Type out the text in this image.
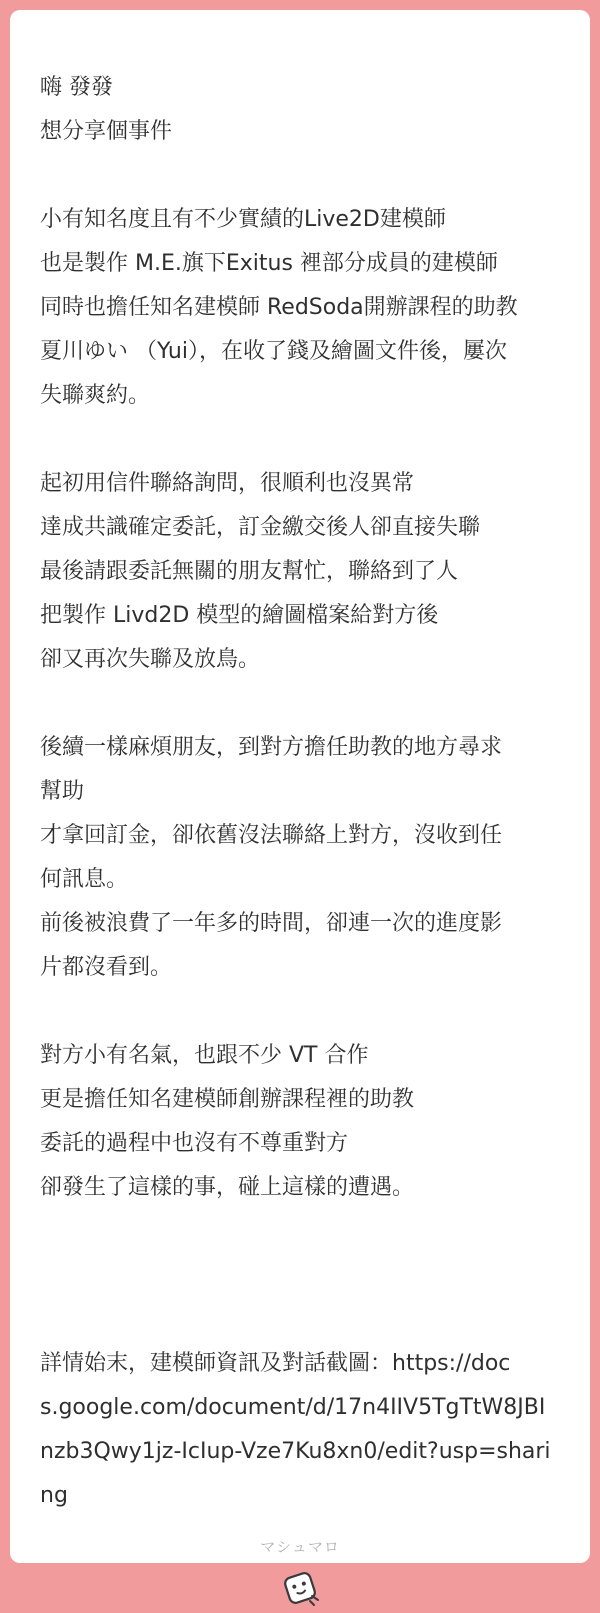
嗨 發發
想分享個事件
小有知名度且有不少實績的Live2D建模師
也是製作 M.E.旗下Exitus 裡部分成員的建模師
同時也擔任知名建模師 RedSoda開辦課程的助教
夏川ゆい （Yui），在收了錢及繪圖文件後，屢次
失聯爽約。
起初用信件聯絡詢問，很順利也沒異常
達成共識確定委託，訂金繳交後人卻直接失聯
最後請跟委託無關的朋友幫忙，聯絡到了人
把製作 Livd2D 模型的繪圖檔案給對方後
卻又再次失聯及放鳥。
後續一樣麻煩朋友，到對方擔任助教的地方尋求
幫助
才拿回訂金，卻依舊沒法聯絡上對方，沒收到任
何訊息。
前後被浪費了一年多的時間，卻連一次的進度影
片都沒看到。
對方小有名氣，也跟不少 VT 合作
更是擔任知名建模師創辦課程裡的助教
委託的過程中也沒有不尊重對方
卻發生了這樣的事，碰上這樣的遭遇。
詳情始末，建模師資訊及對話截圖：https://doc
s.google.com/document/d/17n4IIV5TgTtW8JBI
nzb3Qwy1jz-IcIup-Vze7Ku8xn0/edit?usp=shari
ng
マシュマロ
